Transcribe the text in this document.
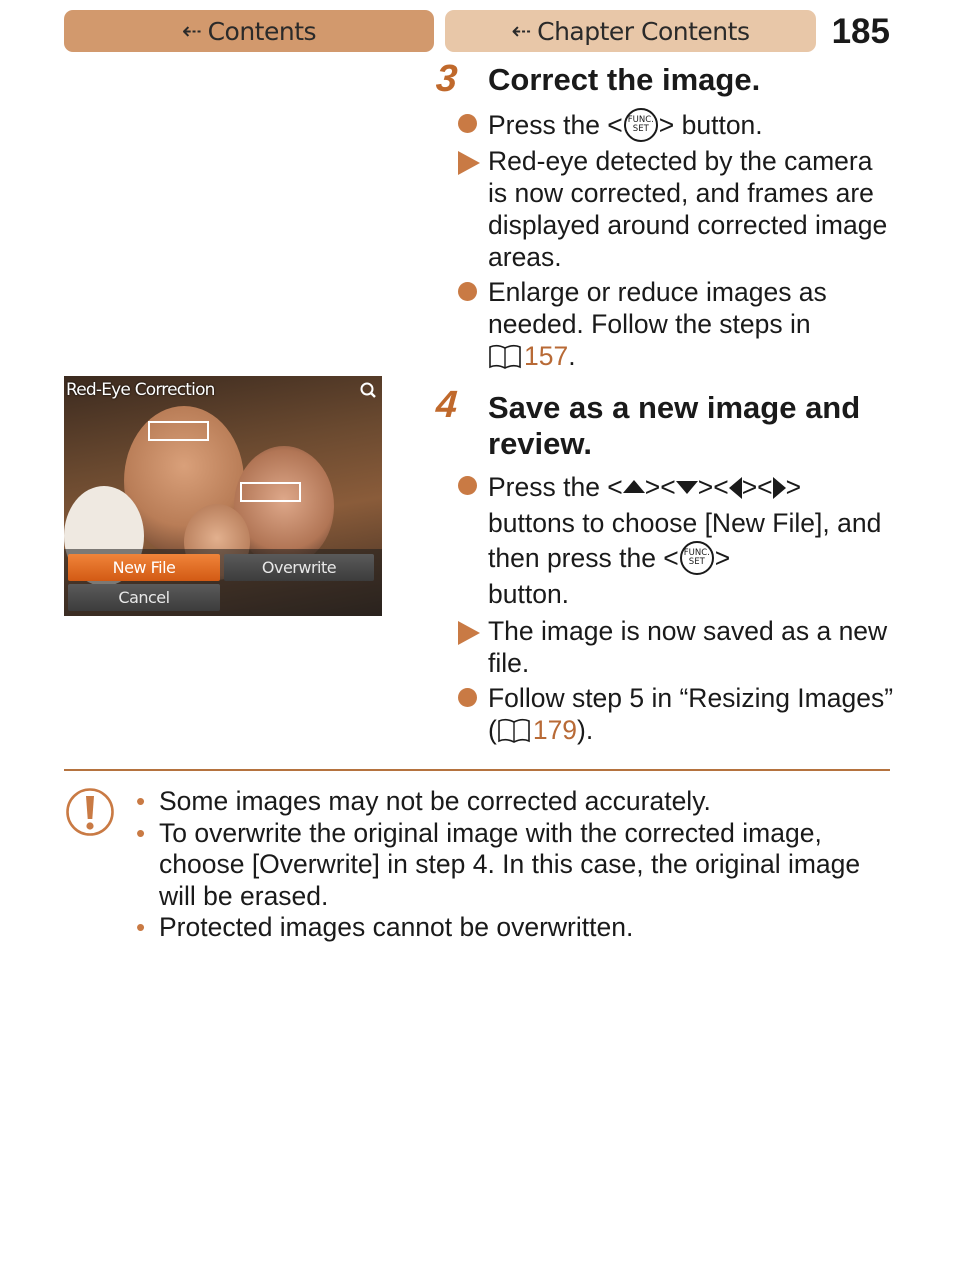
⇠ Contents	⇠ Chapter Contents 185
3 Correct the image.
Press the < FUNC.
SET > button.
Red-eye detected by the camera is now corrected, and frames are displayed around corrected image areas.
Enlarge or reduce images as needed. Follow the steps in
157.
Red-Eye Correction
New File	Overwrite
Cancel
4 Save as a new image and review.
Press the < >< >< >< >
buttons to choose [New File], and then press the < FUNC.
SET >
button.
The image is now saved as a new file.
Follow step 5 in “Resizing Images” ( 179).
• Some images may not be corrected accurately.
• To overwrite the original image with the corrected image, choose [Overwrite] in step 4. In this case, the original image will be erased.
• Protected images cannot be overwritten.
